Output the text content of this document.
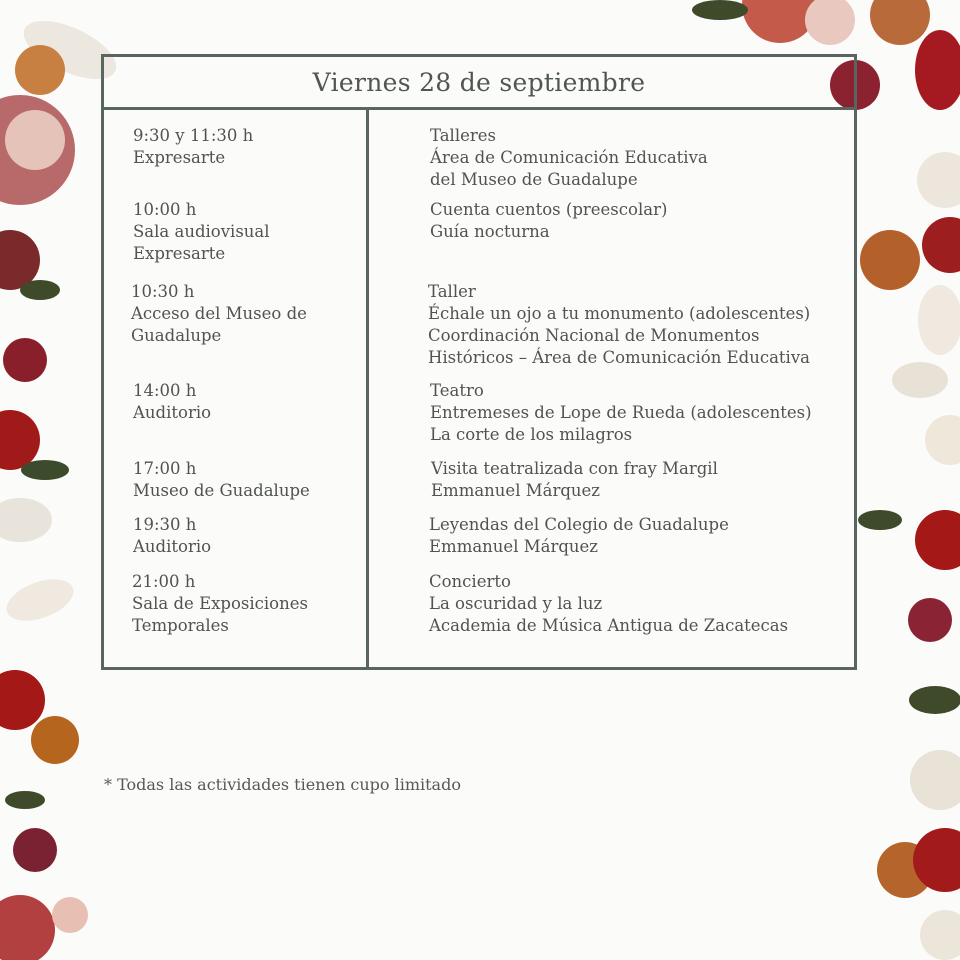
Viernes 28 de septiembre
9:30 y 11:30 h
Expresarte
Talleres
Área de Comunicación Educativa
del Museo de Guadalupe
10:00 h
Sala audiovisual
Expresarte
Cuenta cuentos (preescolar)
Guía nocturna
10:30 h
Acceso del Museo de
Guadalupe
Taller
Échale un ojo a tu monumento (adolescentes)
Coordinación Nacional de Monumentos
Históricos – Área de Comunicación Educativa
14:00 h
Auditorio
Teatro
Entremeses de Lope de Rueda (adolescentes)
La corte de los milagros
17:00 h
Museo de Guadalupe
Visita teatralizada con fray Margil
Emmanuel Márquez
19:30 h
Auditorio
Leyendas del Colegio de Guadalupe
Emmanuel Márquez
21:00 h
Sala de Exposiciones
Temporales
Concierto
La oscuridad y la luz
Academia de Música Antigua de Zacatecas
* Todas las actividades tienen cupo limitado
